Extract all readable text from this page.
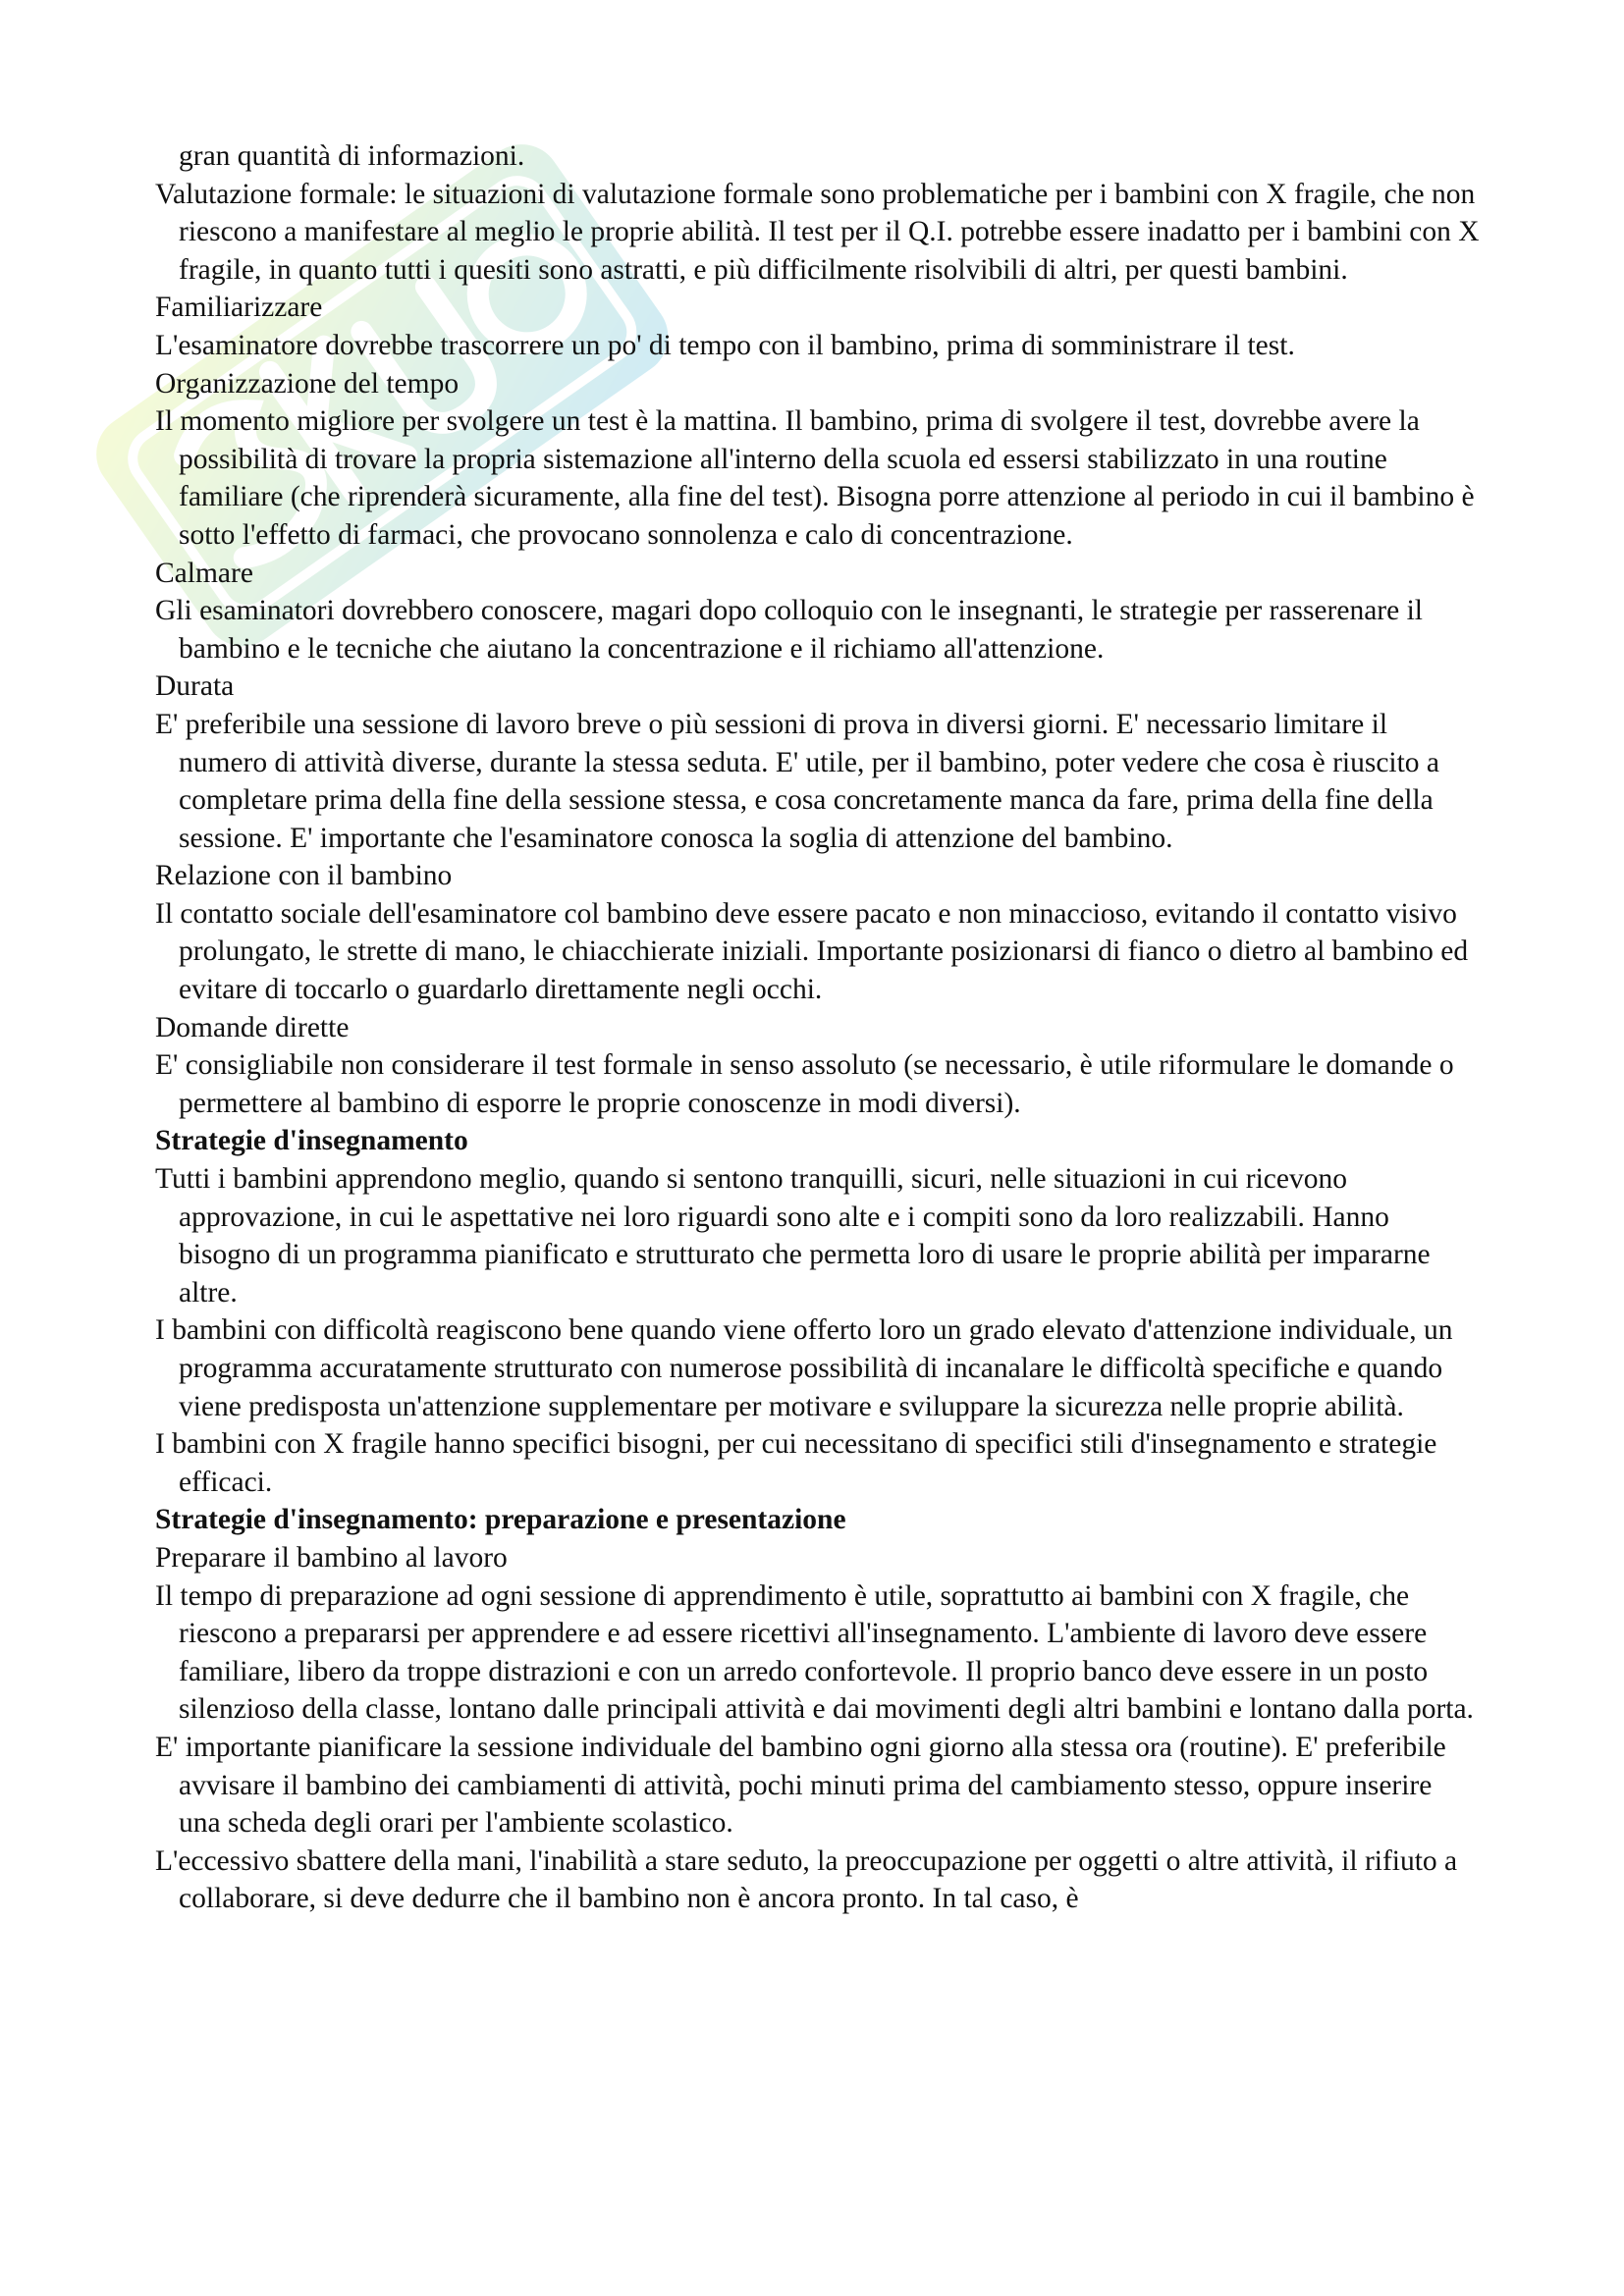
gran quantità di informazioni.

Valutazione formale: le situazioni di valutazione formale sono problematiche per i bambini con X fragile, che non riescono a manifestare al meglio le proprie abilità. Il test per il Q.I. potrebbe essere inadatto per i bambini con X fragile, in quanto tutti i quesiti sono astratti, e più difficilmente risolvibili di altri, per questi bambini.

Familiarizzare

L'esaminatore dovrebbe trascorrere un po' di tempo con il bambino, prima di somministrare il test.

Organizzazione del tempo

Il momento migliore per svolgere un test è la mattina. Il bambino, prima di svolgere il test, dovrebbe avere la possibilità di trovare la propria sistemazione all'interno della scuola ed essersi stabilizzato in una routine familiare (che riprenderà sicuramente, alla fine del test). Bisogna porre attenzione al periodo in cui il bambino è sotto l'effetto di farmaci, che provocano sonnolenza e calo di concentrazione.

Calmare

Gli esaminatori dovrebbero conoscere, magari dopo colloquio con le insegnanti, le strategie per rasserenare il bambino e le tecniche che aiutano la concentrazione e il richiamo all'attenzione.

Durata

E' preferibile una sessione di lavoro breve o più sessioni di prova in diversi giorni. E' necessario limitare il numero di attività diverse, durante la stessa seduta. E' utile, per il bambino, poter vedere che cosa è riuscito a completare prima della fine della sessione stessa, e cosa concretamente manca da fare, prima della fine della sessione. E' importante che l'esaminatore conosca la soglia di attenzione del bambino.

Relazione con il bambino

Il contatto sociale dell'esaminatore col bambino deve essere pacato e non minaccioso, evitando il contatto visivo prolungato, le strette di mano, le chiacchierate iniziali. Importante posizionarsi di fianco o dietro al bambino ed evitare di toccarlo o guardarlo direttamente negli occhi.

Domande dirette

E' consigliabile non considerare il test formale in senso assoluto (se necessario, è utile riformulare le domande o permettere al bambino di esporre le proprie conoscenze in modi diversi).

Strategie d'insegnamento

Tutti i bambini apprendono meglio, quando si sentono tranquilli, sicuri, nelle situazioni in cui ricevono approvazione, in cui le aspettative nei loro riguardi sono alte e i compiti sono da loro realizzabili. Hanno bisogno di un programma pianificato e strutturato che permetta loro di usare le proprie abilità per impararne altre.

I bambini con difficoltà reagiscono bene quando viene offerto loro un grado elevato d'attenzione individuale, un programma accuratamente strutturato con numerose possibilità di incanalare le difficoltà specifiche e quando viene predisposta un'attenzione supplementare per motivare e sviluppare la sicurezza nelle proprie abilità.

I bambini con X fragile hanno specifici bisogni, per cui necessitano di specifici stili d'insegnamento e strategie efficaci.

Strategie d'insegnamento: preparazione e presentazione

Preparare il bambino al lavoro

Il tempo di preparazione ad ogni sessione di apprendimento è utile, soprattutto ai bambini con X fragile, che riescono a prepararsi per apprendere e ad essere ricettivi all'insegnamento. L'ambiente di lavoro deve essere familiare, libero da troppe distrazioni e con un arredo confortevole. Il proprio banco deve essere in un posto silenzioso della classe, lontano dalle principali attività e dai movimenti degli altri bambini e lontano dalla porta.

E' importante pianificare la sessione individuale del bambino ogni giorno alla stessa ora (routine). E' preferibile avvisare il bambino dei cambiamenti di attività, pochi minuti prima del cambiamento stesso, oppure inserire una scheda degli orari per l'ambiente scolastico.

L'eccessivo sbattere della mani, l'inabilità a stare seduto, la preoccupazione per oggetti o altre attività, il rifiuto a collaborare, si deve dedurre che il bambino non è ancora pronto. In tal caso, è
